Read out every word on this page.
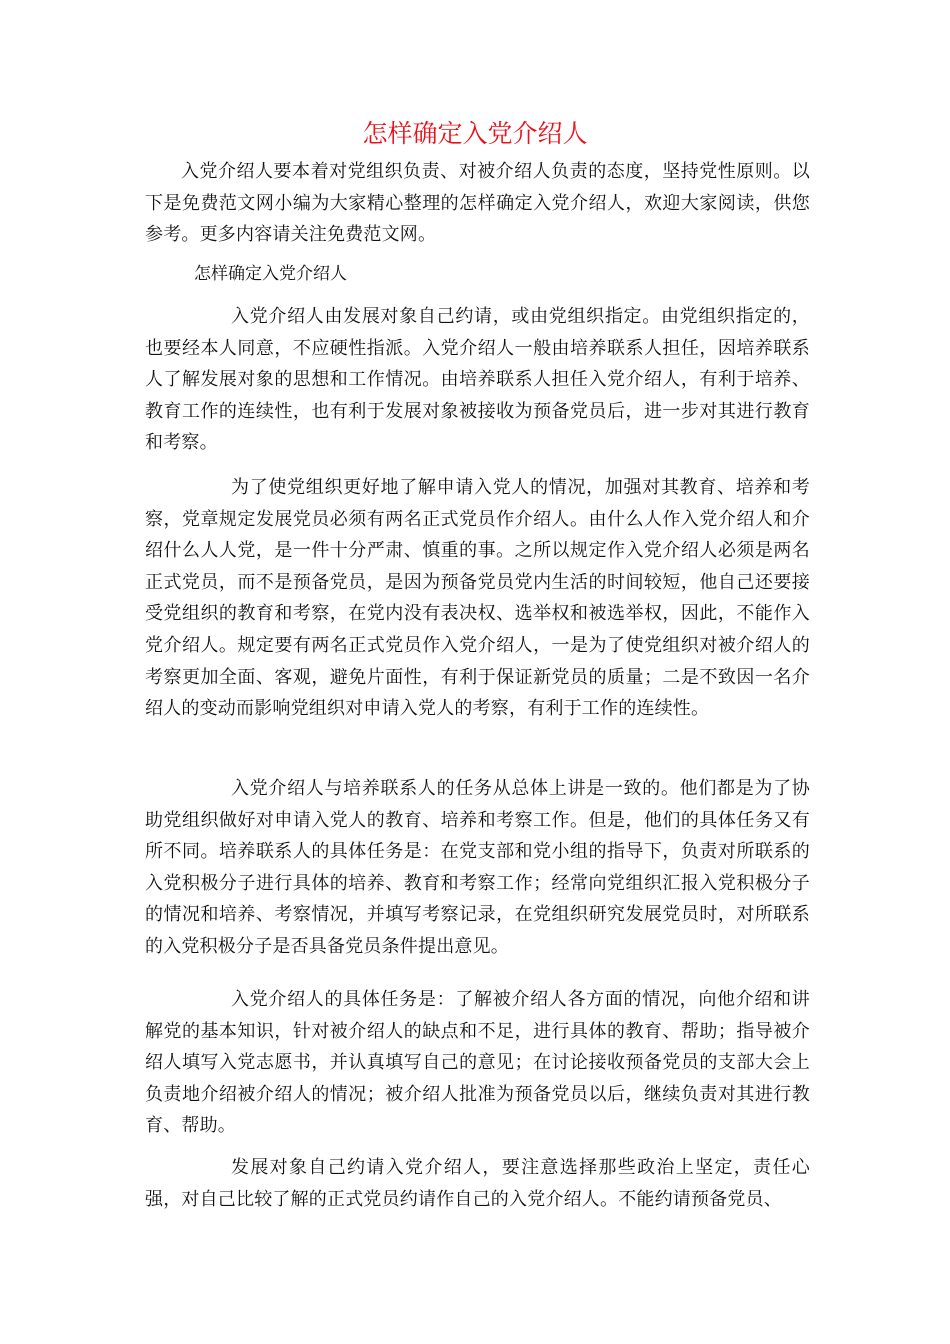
怎样确定入党介绍人

入党介绍人要本着对党组织负责、对被介绍人负责的态度，坚持党性原则。以下是免费范文网小编为大家精心整理的怎样确定入党介绍人，欢迎大家阅读，供您参考。更多内容请关注免费范文网。

怎样确定入党介绍人

入党介绍人由发展对象自己约请，或由党组织指定。由党组织指定的，也要经本人同意，不应硬性指派。入党介绍人一般由培养联系人担任，因培养联系人了解发展对象的思想和工作情况。由培养联系人担任入党介绍人，有利于培养、教育工作的连续性，也有利于发展对象被接收为预备党员后，进一步对其进行教育和考察。

为了使党组织更好地了解申请入党人的情况，加强对其教育、培养和考察，党章规定发展党员必须有两名正式党员作介绍人。由什么人作入党介绍人和介绍什么人人党，是一件十分严肃、慎重的事。之所以规定作入党介绍人必须是两名正式党员，而不是预备党员，是因为预备党员党内生活的时间较短，他自己还要接受党组织的教育和考察，在党内没有表决权、选举权和被选举权，因此，不能作入党介绍人。规定要有两名正式党员作入党介绍人，一是为了使党组织对被介绍人的考察更加全面、客观，避免片面性，有利于保证新党员的质量；二是不致因一名介绍人的变动而影响党组织对申请入党人的考察，有利于工作的连续性。

入党介绍人与培养联系人的任务从总体上讲是一致的。他们都是为了协助党组织做好对申请入党人的教育、培养和考察工作。但是，他们的具体任务又有所不同。培养联系人的具体任务是：在党支部和党小组的指导下，负责对所联系的入党积极分子进行具体的培养、教育和考察工作；经常向党组织汇报入党积极分子的情况和培养、考察情况，并填写考察记录，在党组织研究发展党员时，对所联系的入党积极分子是否具备党员条件提出意见。

入党介绍人的具体任务是：了解被介绍人各方面的情况，向他介绍和讲解党的基本知识，针对被介绍人的缺点和不足，进行具体的教育、帮助；指导被介绍人填写入党志愿书，并认真填写自己的意见；在讨论接收预备党员的支部大会上负责地介绍被介绍人的情况；被介绍人批准为预备党员以后，继续负责对其进行教育、帮助。

发展对象自己约请入党介绍人，要注意选择那些政治上坚定，责任心强，对自己比较了解的正式党员约请作自己的入党介绍人。不能约请预备党员、
